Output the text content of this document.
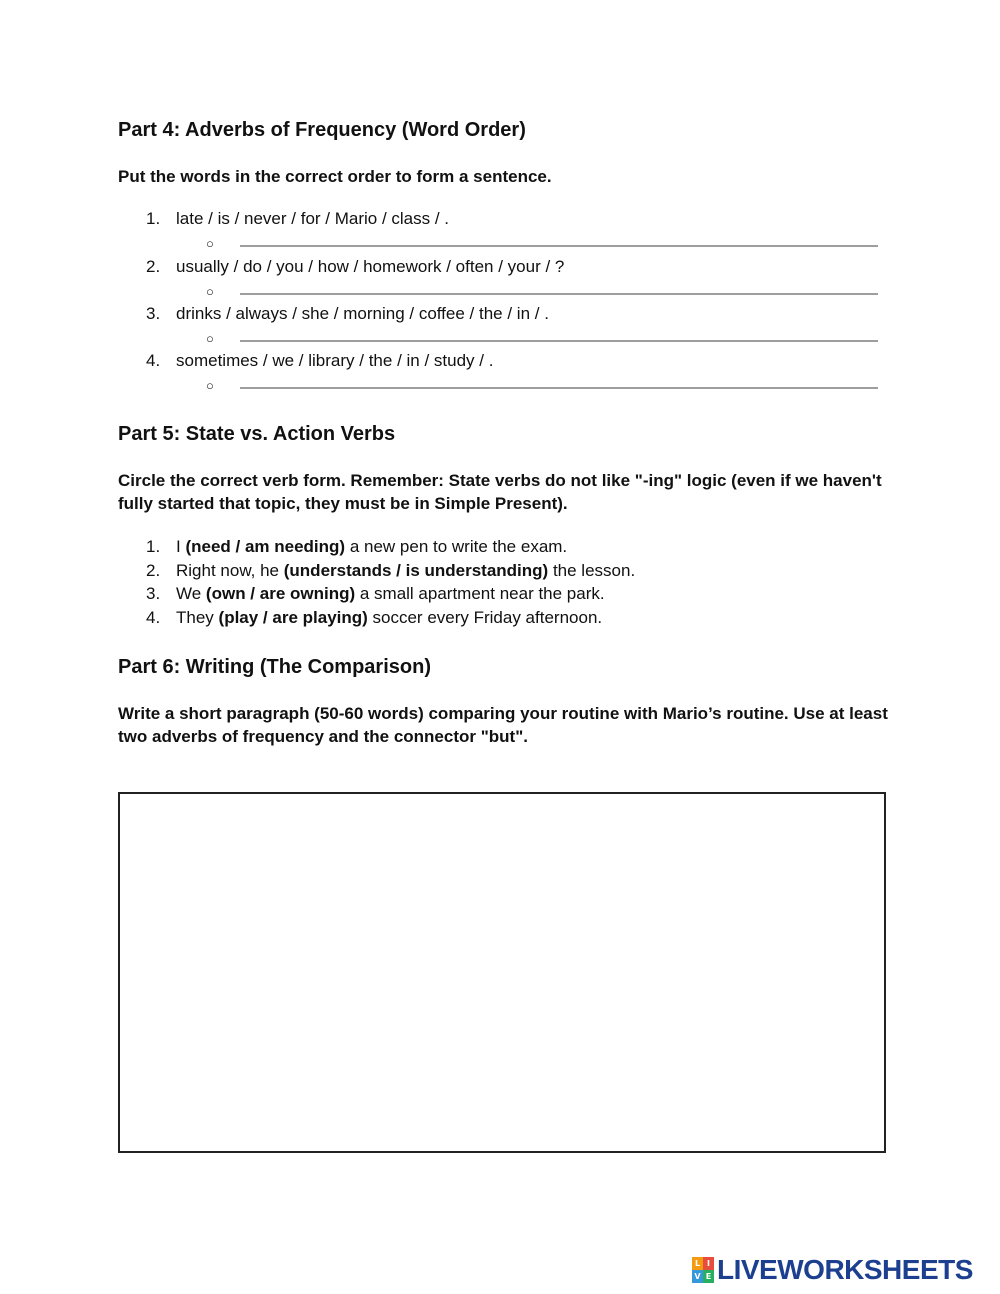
Part 4: Adverbs of Frequency (Word Order)

Put the words in the correct order to form a sentence.

1. late / is / never / for / Mario / class / .
○
2. usually / do / you / how / homework / often / your / ?
○
3. drinks / always / she / morning / coffee / the / in / .
○
4. sometimes / we / library / the / in / study / .
○
Part 5: State vs. Action Verbs

Circle the correct verb form. Remember: State verbs do not like "-ing" logic (even if we haven't fully started that topic, they must be in Simple Present).

1. I (need / am needing) a new pen to write the exam.
2. Right now, he (understands / is understanding) the lesson.
3. We (own / are owning) a small apartment near the park.
4. They (play / are playing) soccer every Friday afternoon.
Part 6: Writing (The Comparison)

Write a short paragraph (50-60 words) comparing your routine with Mario’s routine. Use at least two adverbs of frequency and the connector "but".

L I
V E LIVEWORKSHEETS
